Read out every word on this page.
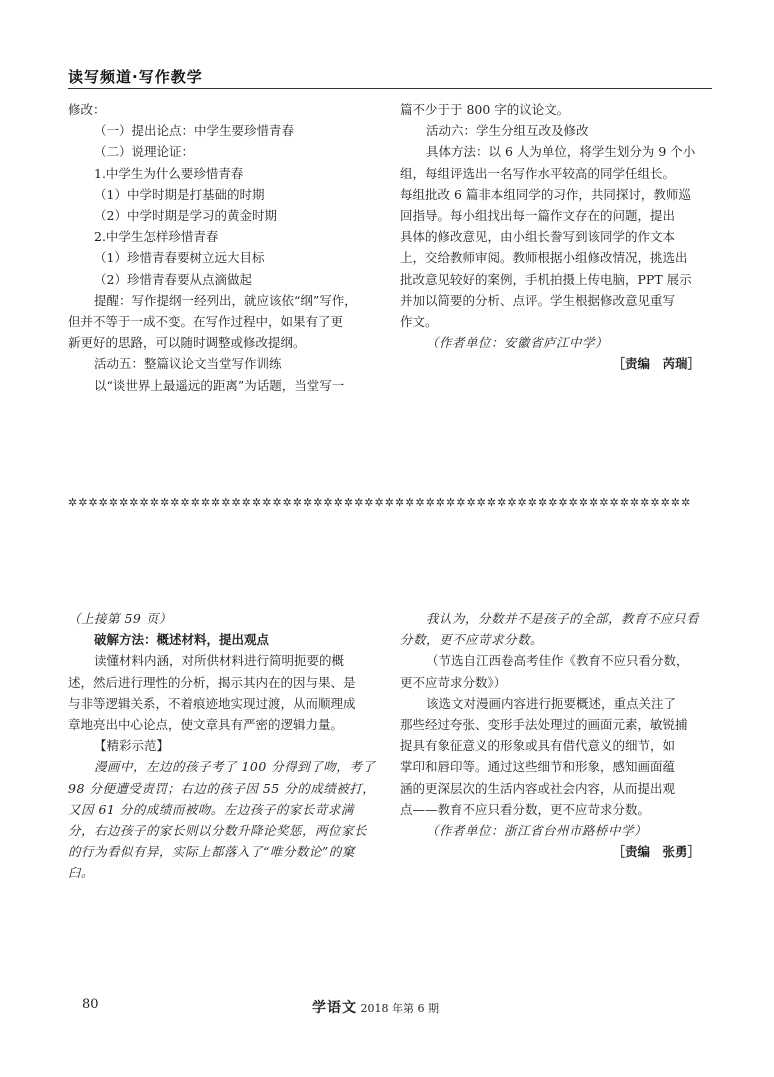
读写频道·写作教学

修改：

（一）提出论点：中学生要珍惜青春

（二）说理论证：

1.中学生为什么要珍惜青春

（1）中学时期是打基础的时期

（2）中学时期是学习的黄金时期

2.中学生怎样珍惜青春

（1）珍惜青春要树立远大目标

（2）珍惜青春要从点滴做起

提醒：写作提纲一经列出，就应该依“纲”写作，

但并不等于一成不变。在写作过程中，如果有了更

新更好的思路，可以随时调整或修改提纲。

活动五：整篇议论文当堂写作训练

以“谈世界上最遥远的距离”为话题，当堂写一

篇不少于于 800 字的议论文。

活动六：学生分组互改及修改

具体方法：以 6 人为单位，将学生划分为 9 个小

组，每组评选出一名写作水平较高的同学任组长。

每组批改 6 篇非本组同学的习作，共同探讨，教师巡

回指导。每小组找出每一篇作文存在的问题，提出

具体的修改意见，由小组长誊写到该同学的作文本

上，交给教师审阅。教师根据小组修改情况，挑选出

批改意见较好的案例，手机拍摄上传电脑，PPT 展示

并加以简要的分析、点评。学生根据修改意见重写

作文。

（作者单位：安徽省庐江中学）

［责编　芮瑞］

✲✲✲✲✲✲✲✲✲✲✲✲✲✲✲✲✲✲✲✲✲✲✲✲✲✲✲✲✲✲✲✲✲✲✲✲✲✲✲✲✲✲✲✲✲✲✲✲✲✲✲✲✲✲✲✲✲✲✲✲✲

（上接第 59 页）

破解方法：概述材料，提出观点

读懂材料内涵，对所供材料进行简明扼要的概

述，然后进行理性的分析，揭示其内在的因与果、是

与非等逻辑关系，不着痕迹地实现过渡，从而顺理成

章地亮出中心论点，使文章具有严密的逻辑力量。

【精彩示范】

漫画中，左边的孩子考了 100 分得到了吻，考了

98 分便遭受责罚；右边的孩子因 55 分的成绩被打，

又因 61 分的成绩而被吻。左边孩子的家长苛求满

分，右边孩子的家长则以分数升降论奖惩，两位家长

的行为看似有异，实际上都落入了“唯分数论”的窠

臼。

我认为，分数并不是孩子的全部，教育不应只看

分数，更不应苛求分数。

（节选自江西卷高考佳作《教育不应只看分数，

更不应苛求分数》）

该选文对漫画内容进行扼要概述，重点关注了

那些经过夸张、变形手法处理过的画面元素，敏锐捕

捉具有象征意义的形象或具有借代意义的细节，如

掌印和唇印等。通过这些细节和形象，感知画面蕴

涵的更深层次的生活内容或社会内容，从而提出观

点——教育不应只看分数，更不应苛求分数。

（作者单位：浙江省台州市路桥中学）

［责编　张勇］

80	学语文 2018 年第 6 期
